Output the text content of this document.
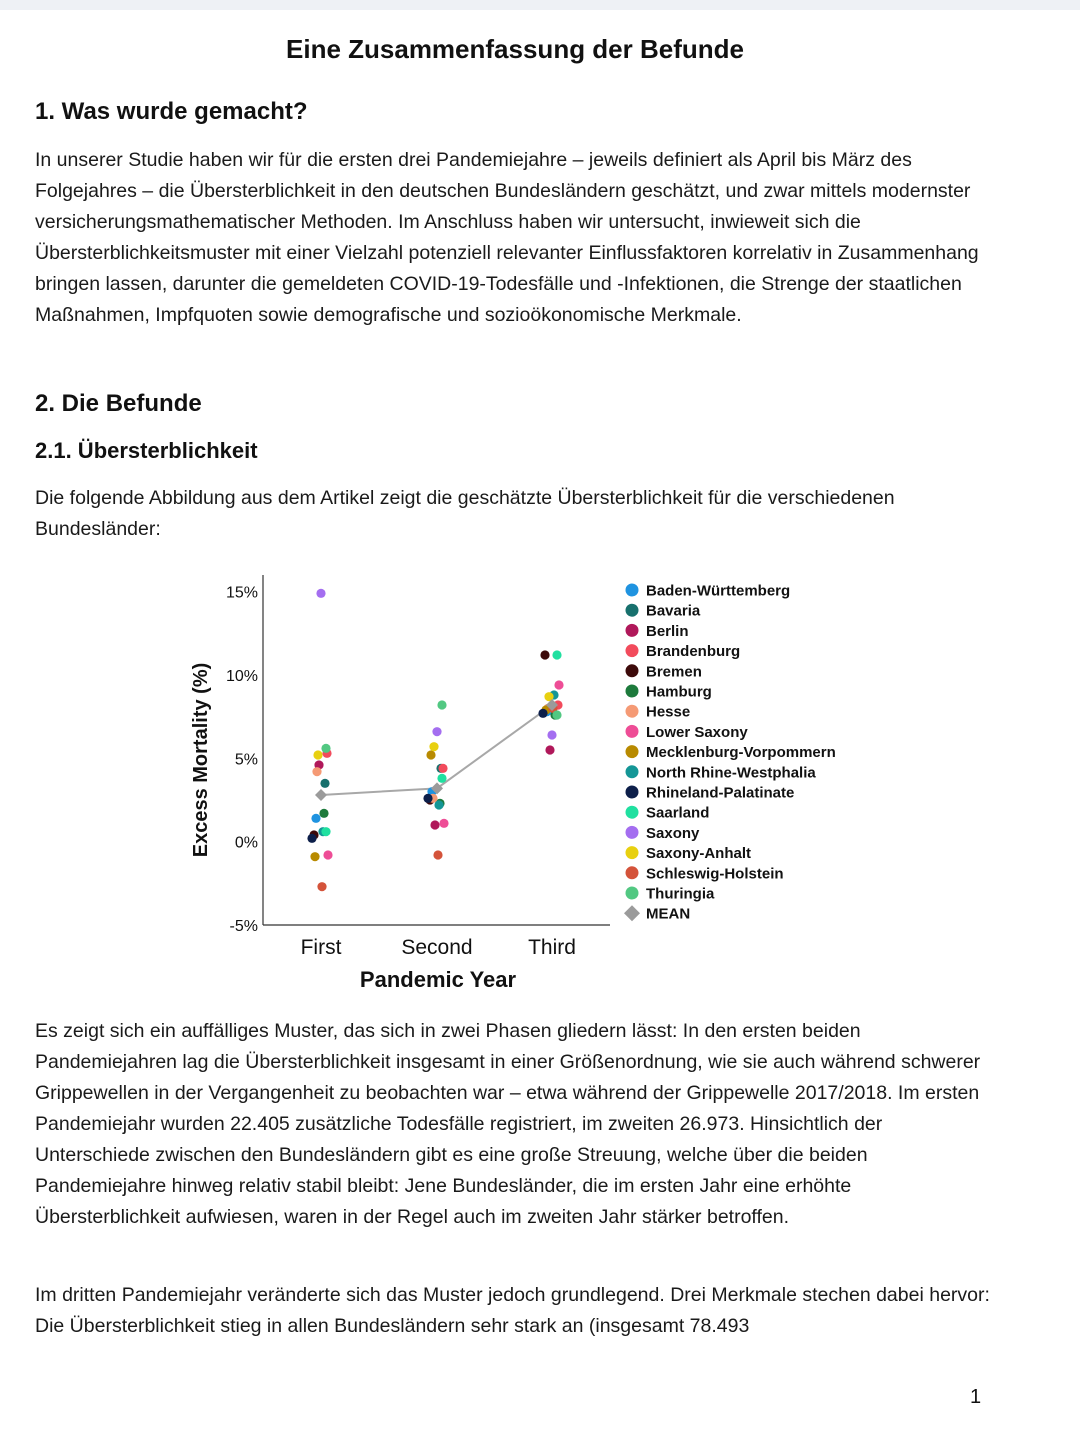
Eine Zusammenfassung der Befunde
1. Was wurde gemacht?
In unserer Studie haben wir für die ersten drei Pandemiejahre – jeweils definiert als April bis März des Folgejahres – die Übersterblichkeit in den deutschen Bundesländern geschätzt, und zwar mittels modernster versicherungsmathematischer Methoden. Im Anschluss haben wir untersucht, inwieweit sich die Übersterblichkeitsmuster mit einer Vielzahl potenziell relevanter Einflussfaktoren korrelativ in Zusammenhang bringen lassen, darunter die gemeldeten COVID-19-Todesfälle und -Infektionen, die Strenge der staatlichen Maßnahmen, Impfquoten sowie demografische und sozioökonomische Merkmale.
2. Die Befunde
2.1. Übersterblichkeit
Die folgende Abbildung aus dem Artikel zeigt die geschätzte Übersterblichkeit für die verschiedenen Bundesländer:
-5%
0%
5%
10%
15%
First	Second	Third
Baden-Württemberg
Bavaria
Berlin
Brandenburg
Bremen
Hamburg
Hesse
Lower Saxony
Mecklenburg-Vorpommern
North Rhine-Westphalia
Rhineland-Palatinate
Saarland
Saxony
Saxony-Anhalt
Schleswig-Holstein
Thuringia
MEAN
Excess Mortality (%)
Pandemic Year
Es zeigt sich ein auffälliges Muster, das sich in zwei Phasen gliedern lässt: In den ersten beiden Pandemiejahren lag die Übersterblichkeit insgesamt in einer Größenordnung, wie sie auch während schwerer Grippewellen in der Vergangenheit zu beobachten war – etwa während der Grippewelle 2017/2018. Im ersten Pandemiejahr wurden 22.405 zusätzliche Todesfälle registriert, im zweiten 26.973. Hinsichtlich der Unterschiede zwischen den Bundesländern gibt es eine große Streuung, welche über die beiden Pandemiejahre hinweg relativ stabil bleibt: Jene Bundesländer, die im ersten Jahr eine erhöhte Übersterblichkeit aufwiesen, waren in der Regel auch im zweiten Jahr stärker betroffen.
Im dritten Pandemiejahr veränderte sich das Muster jedoch grundlegend. Drei Merkmale stechen dabei hervor: Die Übersterblichkeit stieg in allen Bundesländern sehr stark an (insgesamt 78.493
1
